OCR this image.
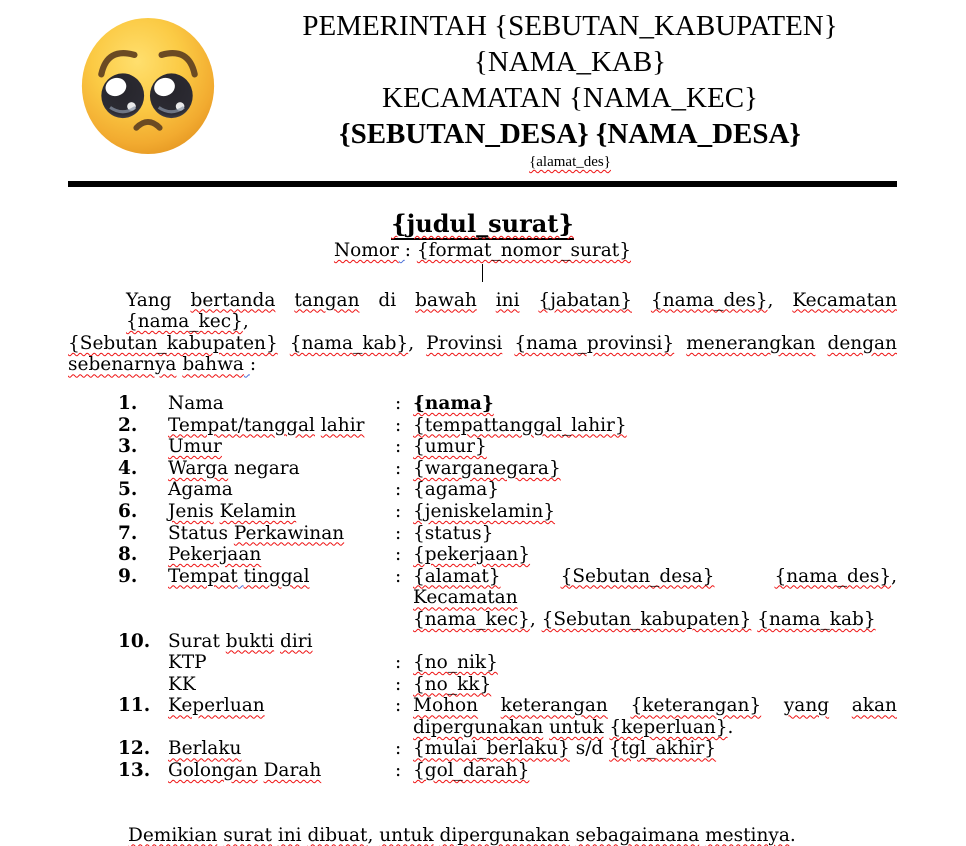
PEMERINTAH {SEBUTAN_KABUPATEN}
{NAMA_KAB}
KECAMATAN {NAMA_KEC}
{SEBUTAN_DESA} {NAMA_DESA}
{alamat_des}
{judul_surat}
Nomor : {format_nomor_surat}
Yang bertanda tangan di bawah ini {jabatan} {nama_des}, Kecamatan {nama_kec},
{Sebutan_kabupaten} {nama_kab}, Provinsi {nama_provinsi} menerangkan dengan
sebenarnya bahwa :
1.	Nama	: {nama}
2.	Tempat/tanggal lahir	: {tempattanggal_lahir}
3.	Umur	: {umur}
4.	Warga negara	: {warganegara}
5.	Agama	: {agama}
6.	Jenis Kelamin	: {jeniskelamin}
7.	Status Perkawinan	: {status}
8.	Pekerjaan	: {pekerjaan}
9.	Tempat tinggal	: {alamat}	{Sebutan_desa}	{nama_des}, Kecamatan
{nama_kec}, {Sebutan_kabupaten} {nama_kab}
10. Surat bukti diri
KTP	: {no_nik}
KK	: {no_kk}
11. Keperluan	: Mohon keterangan {keterangan} yang akan
dipergunakan untuk {keperluan}.
12. Berlaku	: {mulai_berlaku} s/d {tgl_akhir}
13. Golongan Darah	: {gol_darah}
Demikian surat ini dibuat, untuk dipergunakan sebagaimana mestinya.
